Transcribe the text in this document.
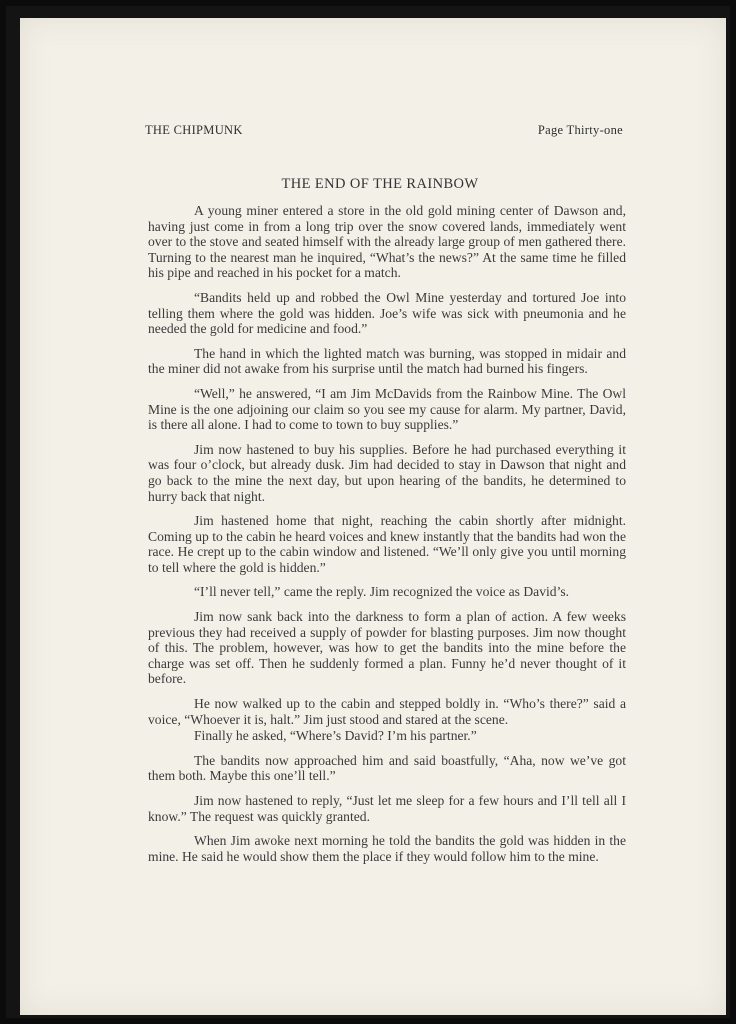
THE CHIPMUNK	Page Thirty-one
THE END OF THE RAINBOW

A young miner entered a store in the old gold mining center of Dawson and, having just come in from a long trip over the snow covered lands, immediately went over to the stove and seated himself with the already large group of men gathered there. Turning to the nearest man he inquired, “What’s the news?” At the same time he filled his pipe and reached in his pocket for a match.

“Bandits held up and robbed the Owl Mine yesterday and tortured Joe into telling them where the gold was hidden. Joe’s wife was sick with pneumonia and he needed the gold for medicine and food.”

The hand in which the lighted match was burning, was stopped in midair and the miner did not awake from his surprise until the match had burned his fingers.

“Well,” he answered, “I am Jim McDavids from the Rainbow Mine. The Owl Mine is the one adjoining our claim so you see my cause for alarm. My partner, David, is there all alone. I had to come to town to buy supplies.”

Jim now hastened to buy his supplies. Before he had purchased everything it was four o’clock, but already dusk. Jim had decided to stay in Dawson that night and go back to the mine the next day, but upon hearing of the bandits, he determined to hurry back that night.

Jim hastened home that night, reaching the cabin shortly after midnight. Coming up to the cabin he heard voices and knew instantly that the bandits had won the race. He crept up to the cabin window and listened. “We’ll only give you until morning to tell where the gold is hidden.”

“I’ll never tell,” came the reply. Jim recognized the voice as David’s.

Jim now sank back into the darkness to form a plan of action. A few weeks previous they had received a supply of powder for blasting purposes. Jim now thought of this. The problem, however, was how to get the bandits into the mine before the charge was set off. Then he suddenly formed a plan. Funny he’d never thought of it before.

He now walked up to the cabin and stepped boldly in. “Who’s there?” said a voice, “Whoever it is, halt.” Jim just stood and stared at the scene.

Finally he asked, “Where’s David? I’m his partner.”

The bandits now approached him and said boastfully, “Aha, now we’ve got them both. Maybe this one’ll tell.”

Jim now hastened to reply, “Just let me sleep for a few hours and I’ll tell all I know.” The request was quickly granted.

When Jim awoke next morning he told the bandits the gold was hidden in the mine. He said he would show them the place if they would follow him to the mine.
